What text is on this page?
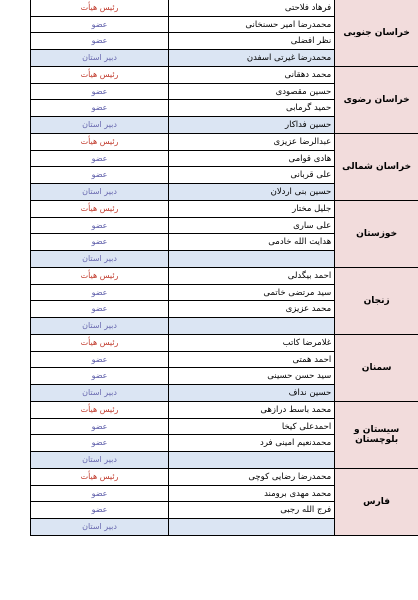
رئیس هیأت	فرهاد فلاحتی
عضو	محمدرضا امیر حسنخانی
عضو	نظر افضلی
دبیر استان	محمدرضا غیرتی اسفدن
خراسان جنوبی
رئیس هیأت	محمد دهقانی
عضو	حسین مقصودی
عضو	حمید گرمابی
دبیر استان	حسین فداکار
خراسان رضوی
رئیس هیأت	عبدالرضا عزیزی
عضو	هادی قوامی
عضو	علی قربانی
دبیر استان	حسین بنی اردلان
خراسان شمالی
رئیس هیأت	جلیل مختار
عضو	علی ساری
عضو	هدایت الله خادمی
دبیر استان
خوزستان
رئیس هیأت	احمد بیگدلی
عضو	سید مرتضی خاتمی
عضو	محمد عزیزی
دبیر استان
زنجان
رئیس هیأت	غلامرضا کاتب
عضو	احمد همتی
عضو	سید حسن حسینی
دبیر استان	حسین نداف
سمنان
رئیس هیأت	محمد باسط درازهی
عضو	احمدعلی کیخا
عضو	محمدنعیم امینی فرد
دبیر استان
سیستان و بلوچستان
رئیس هیأت	محمدرضا رضایی کوچی
عضو	محمد مهدی برومند
عضو	فرج الله رجبی
دبیر استان
فارس
